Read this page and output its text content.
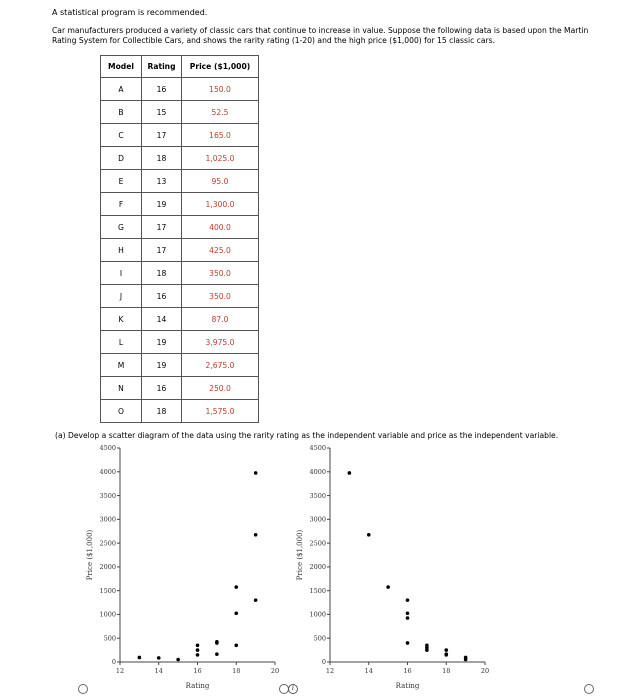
A statistical program is recommended.
Car manufacturers produced a variety of classic cars that continue to increase in value. Suppose the following data is based upon the Martin Rating System for Collectible Cars, and shows the rarity rating (1-20) and the high price ($1,000) for 15 classic cars.
Model	Rating	Price ($1,000)
A	16	150.0
B	15	52.5
C	17	165.0
D	18	1,025.0
E	13	95.0
F	19	1,300.0
G	17	400.0
H	17	425.0
I	18	350.0
J	16	350.0
K	14	87.0
L	19	3,975.0
M	19	2,675.0
N	16	250.0
O	18	1,575.0
(a) Develop a scatter diagram of the data using the rarity rating as the independent variable and price as the independent variable.
0
500
1000
1500
2000
2500
3000
3500
4000
4500
12	14	16	18	20
Rating
Price ($1,000)
0
500
1000
1500
2000
2500
3000
3500
4000
4500
12	14	16	18	20
Rating
Price ($1,000)
i
